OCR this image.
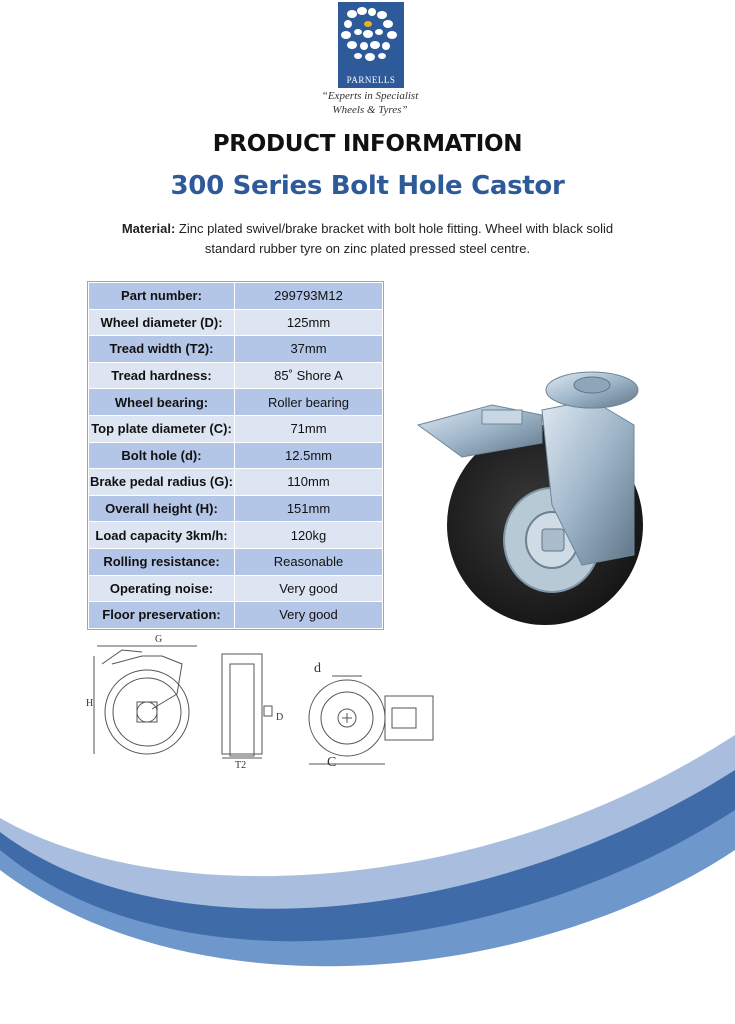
PARNELLS
“Experts in Specialist
Wheels & Tyres”
PRODUCT INFORMATION
300 Series Bolt Hole Castor
Material: Zinc plated swivel/brake bracket with bolt hole fitting. Wheel with black solid
standard rubber tyre on zinc plated pressed steel centre.
Part number:	299793M12
Wheel diameter (D):	125mm
Tread width (T2):	37mm
Tread hardness:	85˚ Shore A
Wheel bearing:	Roller bearing
Top plate diameter (C):	71mm
Bolt hole (d):	12.5mm
Brake pedal radius (G):	110mm
Overall height (H):	151mm
Load capacity 3km/h:	120kg
Rolling resistance:	Reasonable
Operating noise:	Very good
Floor preservation:	Very good
G
H
T2
D
d
C
